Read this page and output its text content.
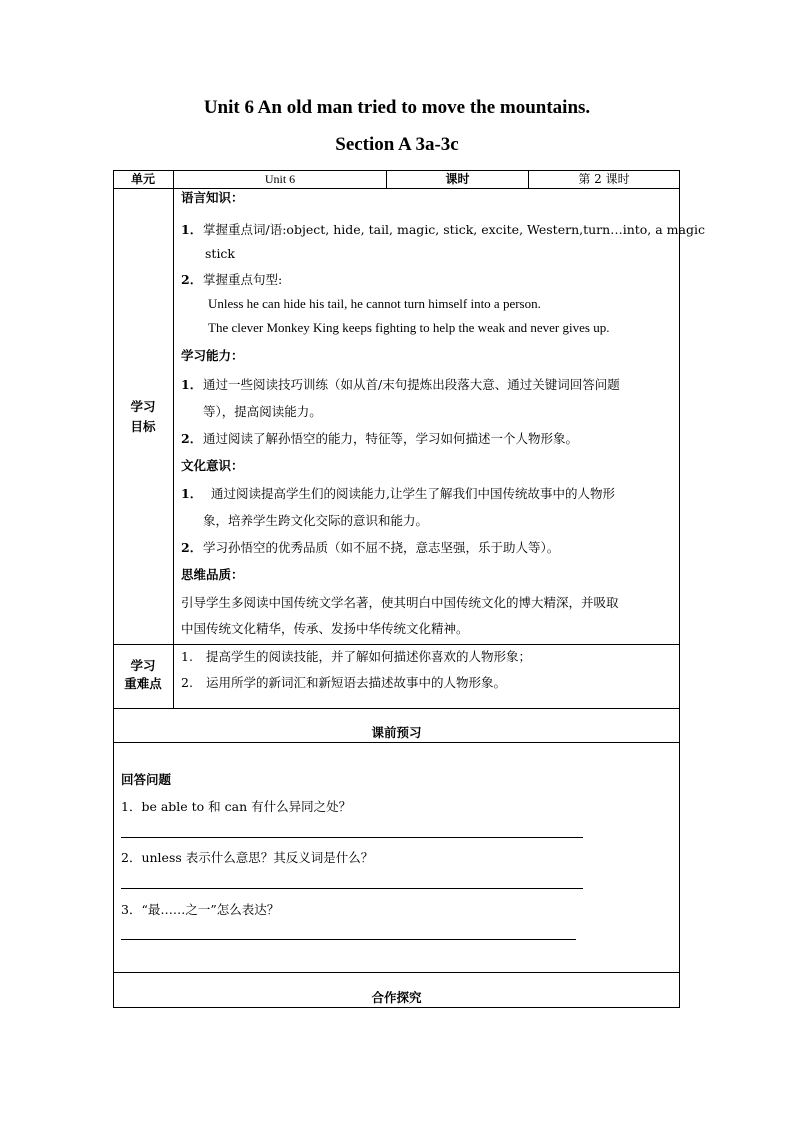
Unit 6 An old man tried to move the mountains.
Section A 3a-3c
单元	Unit 6	课时	第 2 课时
学习
目标
语言知识：
1．掌握重点词/语:object, hide, tail, magic, stick, excite, Western,turn…into, a magic
stick
2．掌握重点句型:
Unless he can hide his tail, he cannot turn himself into a person.
The clever Monkey King keeps fighting to help the weak and never gives up.
学习能力：
1．通过一些阅读技巧训练（如从首/末句提炼出段落大意、通过关键词回答问题
等），提高阅读能力。
2．通过阅读了解孙悟空的能力，特征等，学习如何描述一个人物形象。
文化意识：
1． 通过阅读提高学生们的阅读能力,让学生了解我们中国传统故事中的人物形
象，培养学生跨文化交际的意识和能力。
2．学习孙悟空的优秀品质（如不屈不挠，意志坚强，乐于助人等）。
思维品质：
引导学生多阅读中国传统文学名著，使其明白中国传统文化的博大精深，并吸取
中国传统文化精华，传承、发扬中华传统文化精神。
学习
重难点
1. 提高学生的阅读技能，并了解如何描述你喜欢的人物形象；
2. 运用所学的新词汇和新短语去描述故事中的人物形象。
课前预习
回答问题
1．be able to 和 can 有什么异同之处？
2．unless 表示什么意思？其反义词是什么？
3．“最……之一”怎么表达？
合作探究
